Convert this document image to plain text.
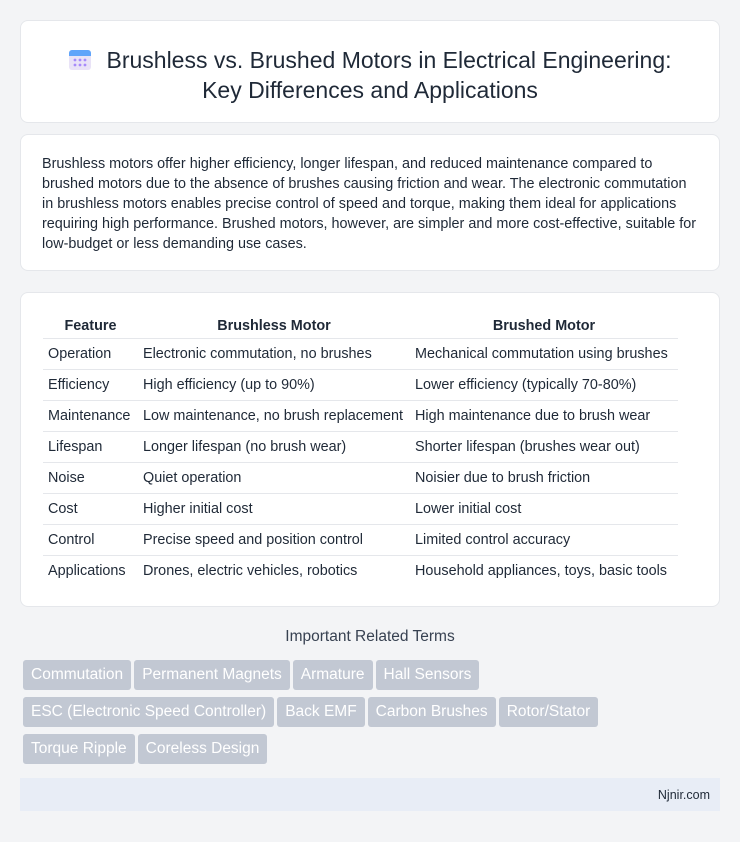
Brushless vs. Brushed Motors in Electrical Engineering:
Key Differences and Applications

Brushless motors offer higher efficiency, longer lifespan, and reduced maintenance compared to brushed motors due to the absence of brushes causing friction and wear. The electronic commutation in brushless motors enables precise control of speed and torque, making them ideal for applications requiring high performance. Brushed motors, however, are simpler and more cost-effective, suitable for low-budget or less demanding use cases.

Feature	Brushless Motor	Brushed Motor
Operation	Electronic commutation, no brushes	Mechanical commutation using brushes
Efficiency	High efficiency (up to 90%)	Lower efficiency (typically 70-80%)
Maintenance	Low maintenance, no brush replacement	High maintenance due to brush wear
Lifespan	Longer lifespan (no brush wear)	Shorter lifespan (brushes wear out)
Noise	Quiet operation	Noisier due to brush friction
Cost	Higher initial cost	Lower initial cost
Control	Precise speed and position control	Limited control accuracy
Applications	Drones, electric vehicles, robotics	Household appliances, toys, basic tools
Important Related Terms
Commutation Permanent Magnets Armature Hall Sensors
ESC (Electronic Speed Controller) Back EMF Carbon Brushes Rotor/Stator
Torque Ripple Coreless Design
Njnir.com
